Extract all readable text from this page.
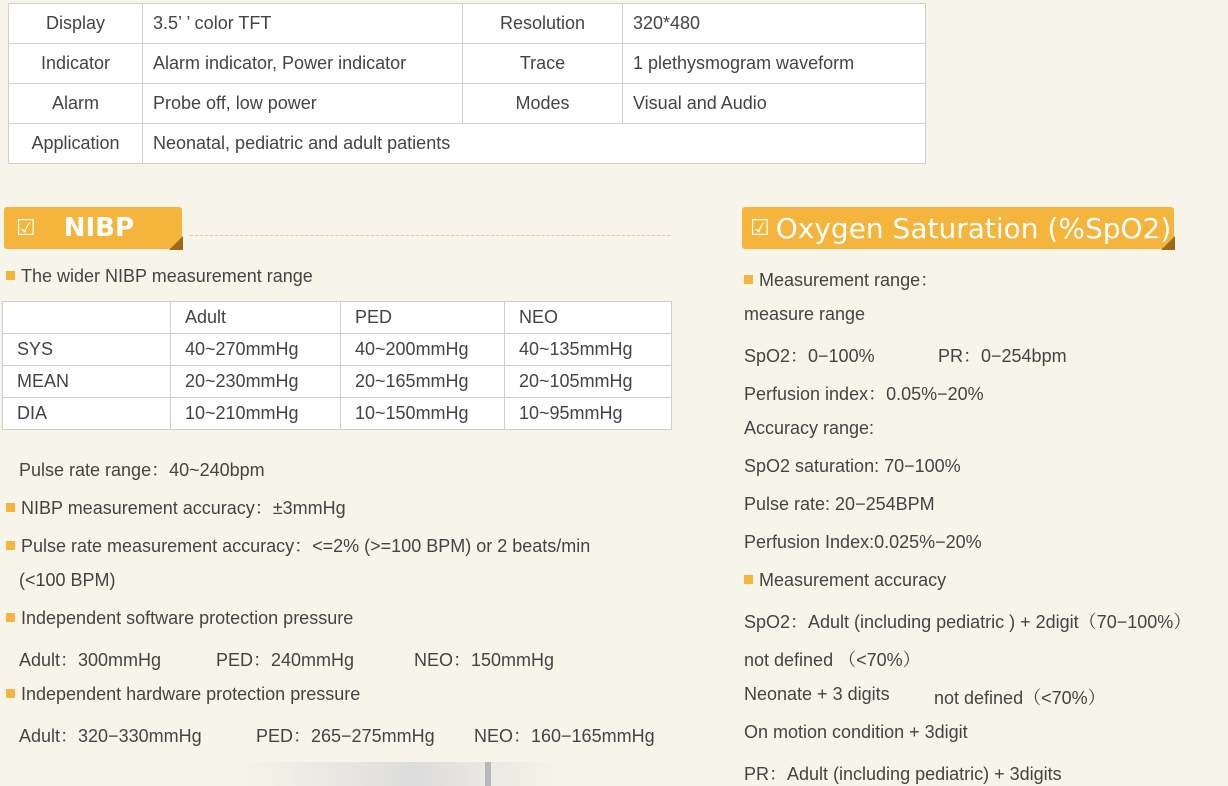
Display	3.5’ ’ color TFT	Resolution	320*480
Indicator	Alarm indicator, Power indicator	Trace	1 plethysmogram waveform
Alarm	Probe off, low power	Modes	Visual and Audio
Application	Neonatal, pediatric and adult patients		
☑ NIBP	☑ Oxygen Saturation (%SpO2)
The wider NIBP measurement range
	Adult	PED	NEO
SYS	40~270mmHg	40~200mmHg	40~135mmHg
MEAN	20~230mmHg	20~165mmHg	20~105mmHg
DIA	10~210mmHg	10~150mmHg	10~95mmHg
Pulse rate range：40~240bpm
NIBP measurement accuracy：±3mmHg
Pulse rate measurement accuracy：<=2% (>=100 BPM) or 2 beats/min
(<100 BPM)
Independent software protection pressure
Adult：300mmHg	PED：240mmHg	NEO：150mmHg
Independent hardware protection pressure
Adult：320−330mmHg	PED：265−275mmHg NEO：160−165mmHg
Measurement range：
measure range
SpO2：0−100%	PR：0−254bpm
Perfusion index：0.05%−20%
Accuracy range:
SpO2 saturation: 70−100%
Pulse rate: 20−254BPM
Perfusion Index:0.025%−20%
Measurement accuracy
SpO2：Adult (including pediatric ) + 2digit（70−100%）
not defined （<70%）
Neonate + 3 digits not defined（<70%）
On motion condition + 3digit
PR：Adult (including pediatric) + 3digits
